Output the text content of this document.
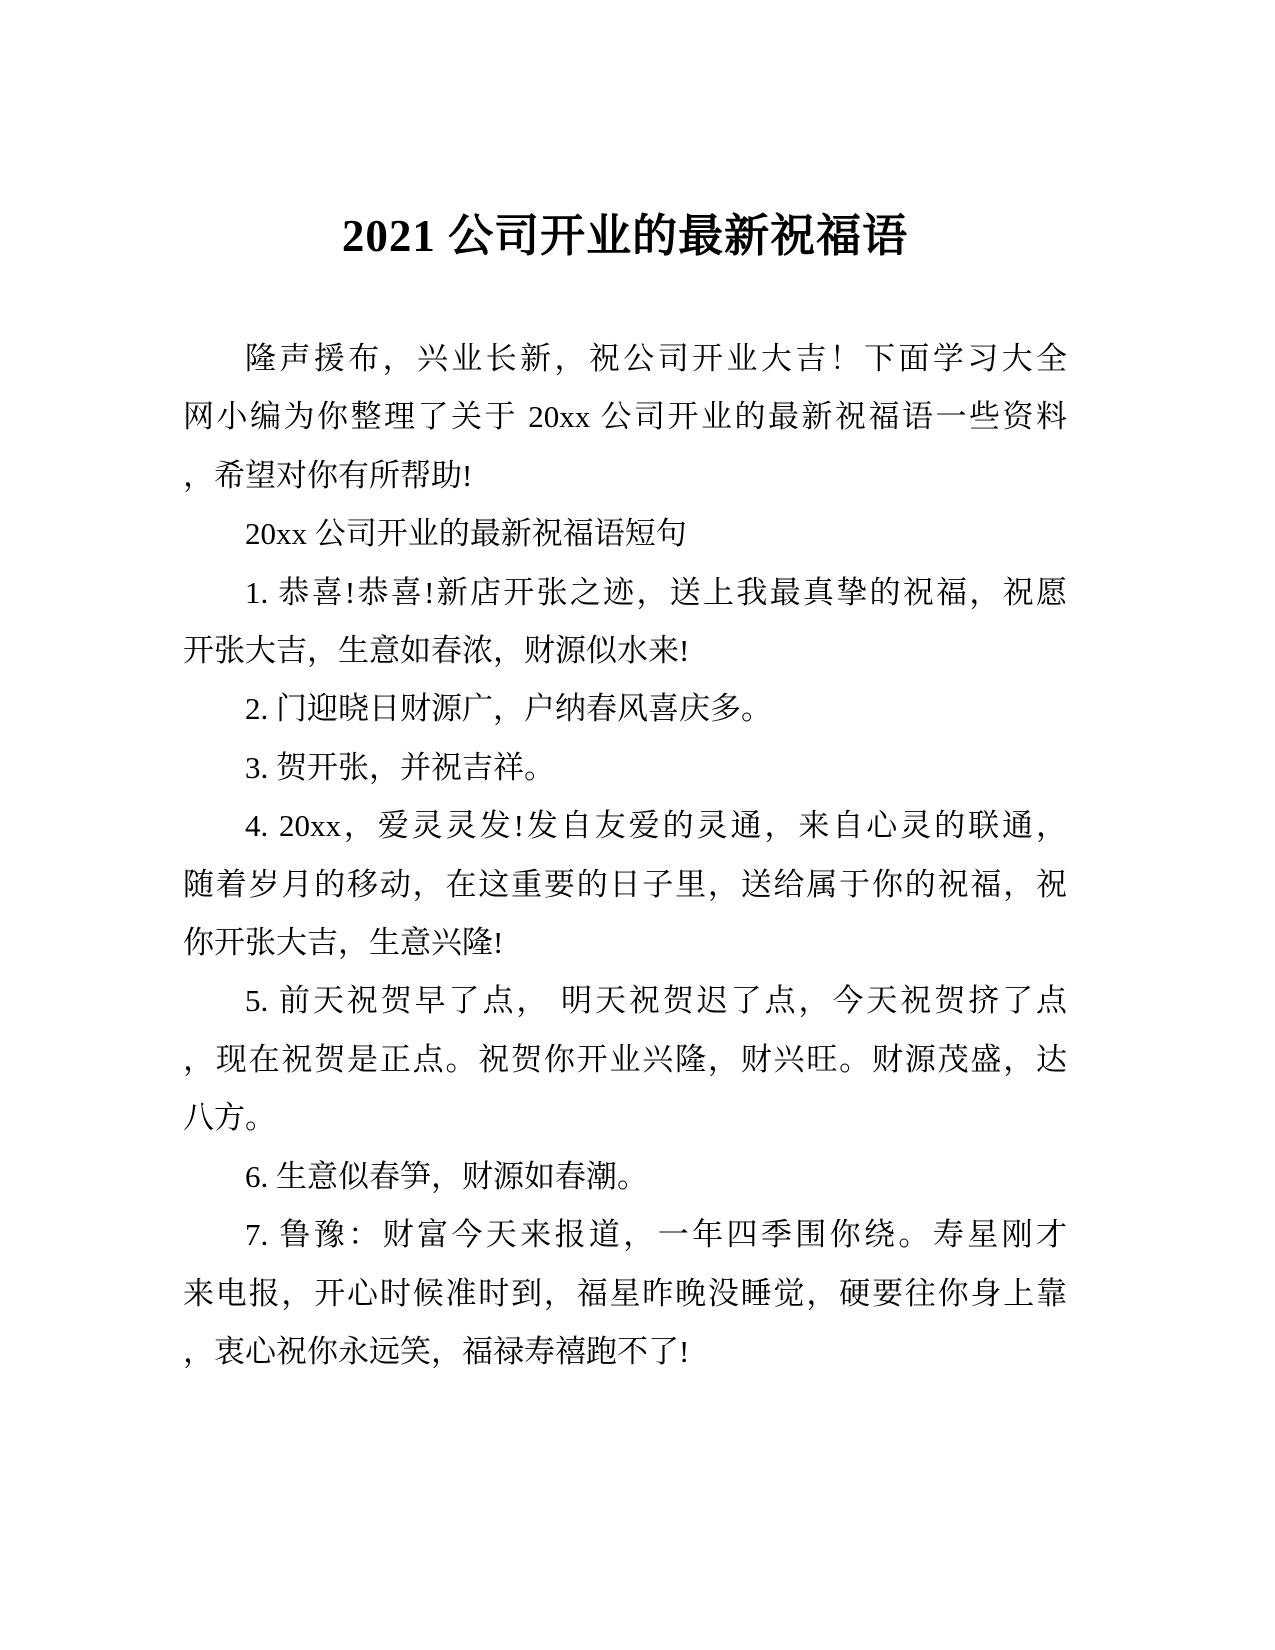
2021 公司开业的最新祝福语
隆声援布，兴业长新，祝公司开业大吉！下面学习大全
网小编为你整理了关于 20xx 公司开业的最新祝福语一些资料
，希望对你有所帮助!
20xx 公司开业的最新祝福语短句
1. 恭喜!恭喜!新店开张之迹，送上我最真挚的祝福，祝愿
开张大吉，生意如春浓，财源似水来!
2. 门迎晓日财源广，户纳春风喜庆多。
3. 贺开张，并祝吉祥。
4. 20xx，爱灵灵发!发自友爱的灵通，来自心灵的联通，
随着岁月的移动，在这重要的日子里，送给属于你的祝福，祝
你开张大吉，生意兴隆!
5. 前天祝贺早了点， 明天祝贺迟了点，今天祝贺挤了点
，现在祝贺是正点。祝贺你开业兴隆，财兴旺。财源茂盛，达
八方。
6. 生意似春笋，财源如春潮。
7. 鲁豫：财富今天来报道，一年四季围你绕。寿星刚才
来电报，开心时候准时到，福星昨晚没睡觉，硬要往你身上靠
，衷心祝你永远笑，福禄寿禧跑不了!
